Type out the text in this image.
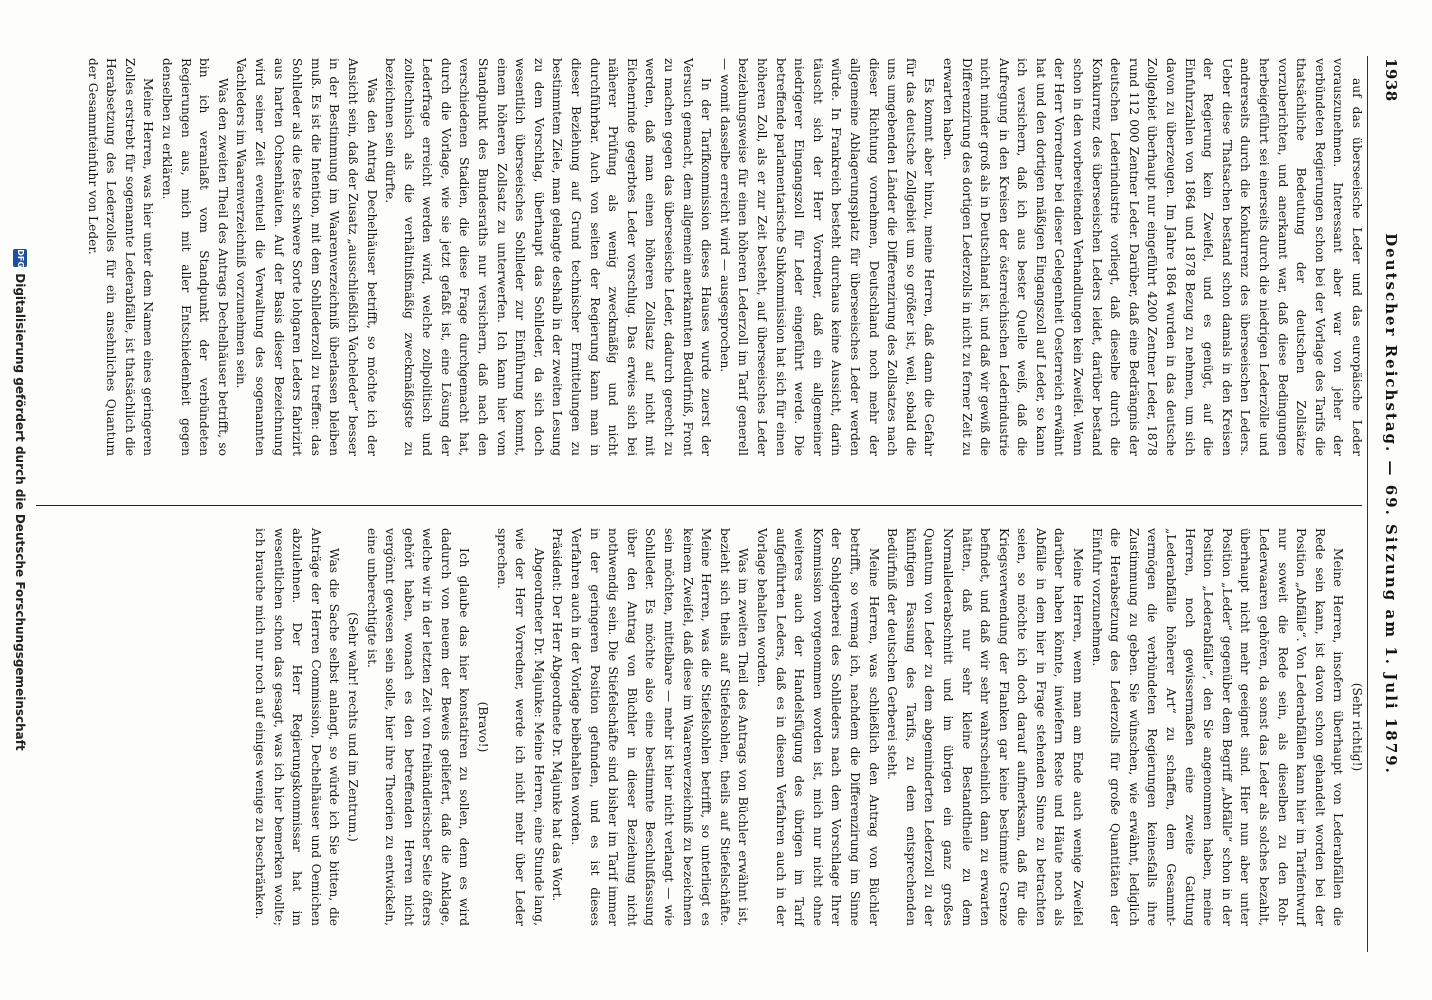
1938
Deutscher Reichstag. — 69. Sitzung am 1. Juli 1879.

auf das überseeische Leder und das europäische Leder vorauszunehmen. Interessant aber war von jeher der verbündeten Regierungen schon bei der Vorlage des Tarifs die thatsächliche Bedeutung der deutschen Zollsätze vorzuberichten, und anerkannt war, daß diese Bedingungen herbeigeführt sei einerseits durch die niedrigen Lederzölle und andrerseits durch die Konkurrenz des überseeischen Leders. Ueber diese Thatsachen bestand schon damals in den Kreisen der Regierung kein Zweifel, und es genügt, auf die Einfuhrzahlen von 1864 und 1878 Bezug zu nehmen, um sich davon zu überzeugen. Im Jahre 1864 wurden in das deutsche Zollgebiet überhaupt nur eingeführt 4200 Zentner Leder, 1878 rund 112 000 Zentner Leder. Darüber, daß eine Bedrängnis der deutschen Lederindustrie vorliegt, daß dieselbe durch die Konkurrenz des überseeischen Leders leidet, darüber bestand schon in den vorbereitenden Verhandlungen kein Zweifel. Wenn der Herr Vorredner bei dieser Gelegenheit Oesterreich erwähnt hat und den dortigen mäßigen Eingangszoll auf Leder, so kann ich versichern, daß ich aus bester Quelle weiß, daß die Aufregung in den Kreisen der österreichischen Lederindustrie nicht minder groß als in Deutschland ist, und daß wir gewiß die Differenzirung des dortigen Lederzolls in nicht zu ferner Zeit zu erwarten haben.

Es kommt aber hinzu, meine Herren, daß dann die Gefahr für das deutsche Zollgebiet um so größer ist, weil, sobald die uns umgebenden Länder die Differenzirung des Zollsatzes nach dieser Richtung vornehmen, Deutschland noch mehr der allgemeine Ablagerungsplatz für überseeisches Leder werden würde. In Frankreich besteht durchaus keine Aussicht, darin täuscht sich der Herr Vorredner, daß ein allgemeiner niedrigerer Eingangszoll für Leder eingeführt werde. Die betreffende parlamentarische Subkommission hat sich für einen höheren Zoll, als er zur Zeit besteht, auf überseeisches Leder beziehungsweise für einen höheren Lederzoll im Tarif generell — womit dasselbe erreicht wird — ausgesprochen.

In der Tarifkommission dieses Hauses wurde zuerst der Versuch gemacht, dem allgemein anerkannten Bedürfniß, Front zu machen gegen das überseeische Leder, dadurch gerecht zu werden, daß man einen höheren Zollsatz auf nicht mit Eichenrinde gegerbtes Leder vorschlug. Das erwies sich bei näherer Prüfung als wenig zweckmäßig und nicht durchführbar. Auch von seiten der Regierung kann man in dieser Beziehung auf Grund technischer Ermittelungen zu bestimmtem Ziele, man gelangte deshalb in der zweiten Lesung zu dem Vorschlag, überhaupt das Sohlleder, da sich doch wesentlich überseeisches Sohlleder zur Einführung kommt, einem höheren Zollsatz zu unterwerfen. Ich kann hier vom Standpunkt des Bundesraths nur versichern, daß nach den verschiedenen Stadien, die diese Frage durchgemacht hat, durch die Vorlage, wie sie jetzt gefaßt ist, eine Lösung der Lederfrage erreicht werden wird, welche zollpolitisch und zolltechnisch als die verhältnißmäßig zweckmäßigste zu bezeichnen sein dürfte.

Was den Antrag Dechelhäuser betrifft, so möchte ich der Ansicht sein, daß der Zusatz „ausschließlich Vacheleder“ besser in der Bestimmung im Waarenverzeichniß überlassen bleiben muß. Es ist die Intention, mit dem Sohllederzoll zu treffen: das Sohlleder als die feste schwere Sorte lohgaren Leders fabrizirt aus harten Ochsenhäuten. Auf der Basis dieser Bezeichnung wird seiner Zeit eventuell die Verwaltung des sogenannten Vachleders im Waarenverzeichniß vorzunehmen sein.

Was den zweiten Theil des Antrags Dechelhäuser betrifft, so bin ich veranlaßt vom Standpunkt der verbündeten Regierungen aus, mich mit aller Entschiedenheit gegen denselben zu erklären.

Meine Herren, was hier unter dem Namen eines geringeren Zolles erstrebt für sogenannte Lederabfälle, ist thatsächlich die Herabsetzung des Lederzolles für ein ansehnliches Quantum der Gesammteinfuhr von Leder.

(Sehr richtig!)

Meine Herren, insofern überhaupt von Lederabfällen die Rede sein kann, ist davon schon gehandelt worden bei der Position „Abfälle“. Von Lederabfällen kann hier im Tarifentwurf nur soweit die Rede sein, als dieselben zu den Roh- Lederwaaren gehören, da sonst das Leder als solches bezahlt, überhaupt nicht mehr geeignet sind. Hier nun aber unter Position „Leder“ gegenüber dem Begriff „Abfälle“ schon in der Position „Lederabfälle“, den Sie angenommen haben, meine Herren, noch gewissermaßen eine zweite Gattung „Lederabfälle höherer Art“ zu schaffen, dem Gesammt- vermögen die verbündeten Regierungen keinesfalls ihre Zustimmung zu geben. Sie wünschen, wie erwähnt, lediglich die Herabsetzung des Lederzolls für große Quantitäten der Einfuhr vorzunehmen.

Meine Herren, wenn man am Ende auch wenige Zweifel darüber haben könnte, inwiefern Reste und Häute noch als Abfälle in dem hier in Frage stehenden Sinne zu betrachten seien, so möchte ich doch darauf aufmerksam, daß für die Kriegsverwendung der Flanken gar keine bestimmte Grenze befindet, und daß wir sehr wahrscheinlich dann zu erwarten hätten, daß nur sehr kleine Bestandtheile zu dem Normallederabschnitt und im übrigen ein ganz großes Quantum von Leder zu dem abgeminderten Lederzoll zu der künftigen Fassung des Tarifs, zu dem entsprechenden Bedürfniß der deutschen Gerberei steht.

Meine Herren, was schließlich den Antrag von Büchler betrifft, so vermag ich, nachdem die Differenzirung im Sinne der Sohlgerberei des Sohlleders nach dem Vorschlage Ihrer Kommission vorgenommen worden ist, mich nur nicht ohne weiteres auch der Handelsfügung des übrigen im Tarif aufgeführten Leders, daß es in diesem Verfahren auch in der Vorlage behalten worden.

Was im zweiten Theil des Antrags von Büchler erwähnt ist, bezieht sich theils auf Stiefelsohlen, theils auf Stiefelschäfte. Meine Herren, was die Stiefelsohlen betrifft, so unterliegt es keinem Zweifel, daß diese im Waarenverzeichniß zu bezeichnen sein möchten, mittelbare — mehr ist hier nicht verlangt — wie Sohlleder. Es möchte also eine bestimmte Beschlußfassung über den Antrag von Büchler in dieser Beziehung nicht nothwendig sein. Die Stiefelschäfte sind bisher im Tarif immer in der geringeren Position gefunden, und es ist dieses Verfahren auch in der Vorlage beibehalten worden.

Präsident: Der Herr Abgeordnete Dr. Majunke hat das Wort.

Abgeordneter Dr. Majunke: Meine Herren, eine Stunde lang, wie der Herr Vorredner, werde ich nicht mehr über Leder sprechen.

(Bravo!)

Ich glaube das hier konstatiren zu sollen, denn es wird dadurch von neuem der Beweis geliefert, daß die Anklage, welche wir in der letzten Zeit von freihändlerischer Seite öfters gehört haben, wonach es den betreffenden Herren nicht vergönnt gewesen sein solle, hier ihre Theorien zu entwickeln, eine unberechtigte ist.

(Sehr wahr! rechts und im Zentrum.)

Was die Sache selbst anlangt, so würde ich Sie bitten, die Anträge der Herren Commission, Dechelhäuser und Oemichen abzulehnen. Der Herr Regierungskommissar hat im wesentlichen schon das gesagt, was ich hier bemerken wollte; ich brauche mich nur noch auf einiges wenige zu beschränken.

DFG
Digitalisierung gefördert durch die Deutsche Forschungsgemeinschaft
